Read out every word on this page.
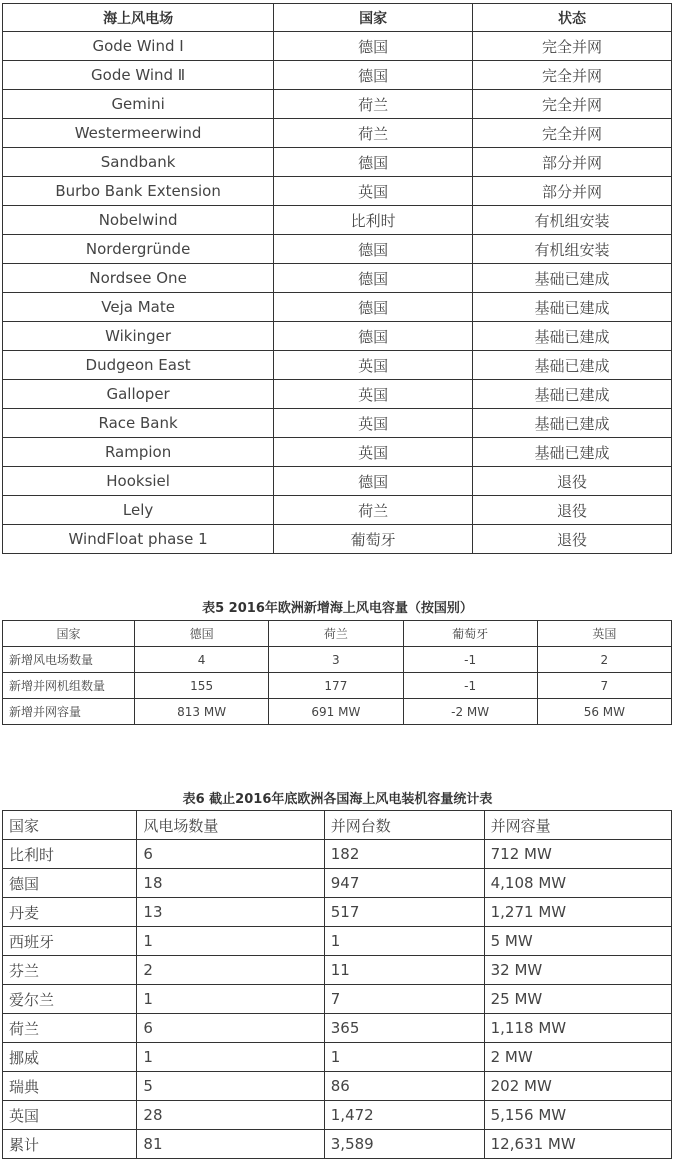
海上风电场	国家	状态
Gode Wind I	德国	完全并网
Gode Wind Ⅱ	德国	完全并网
Gemini	荷兰	完全并网
Westermeerwind	荷兰	完全并网
Sandbank	德国	部分并网
Burbo Bank Extension	英国	部分并网
Nobelwind	比利时	有机组安装
Nordergründe	德国	有机组安装
Nordsee One	德国	基础已建成
Veja Mate	德国	基础已建成
Wikinger	德国	基础已建成
Dudgeon East	英国	基础已建成
Galloper	英国	基础已建成
Race Bank	英国	基础已建成
Rampion	英国	基础已建成
Hooksiel	德国	退役
Lely	荷兰	退役
WindFloat phase 1	葡萄牙	退役
表5 2016年欧洲新增海上风电容量（按国别）
国家	德国	荷兰	葡萄牙	英国
新增风电场数量	4	3	-1	2
新增并网机组数量	155	177	-1	7
新增并网容量	813 MW	691 MW	-2 MW	56 MW
表6 截止2016年底欧洲各国海上风电装机容量统计表
国家	风电场数量	并网台数	并网容量
比利时	6	182	712 MW
德国	18	947	4,108 MW
丹麦	13	517	1,271 MW
西班牙	1	1	5 MW
芬兰	2	11	32 MW
爱尔兰	1	7	25 MW
荷兰	6	365	1,118 MW
挪威	1	1	2 MW
瑞典	5	86	202 MW
英国	28	1,472	5,156 MW
累计	81	3,589	12,631 MW
